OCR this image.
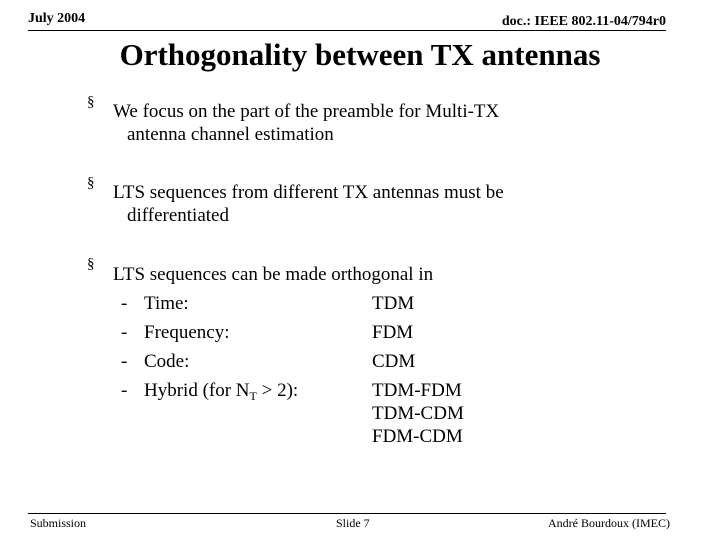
July 2004	doc.: IEEE 802.11-04/794r0
Orthogonality between TX antennas
§ We focus on the part of the preamble for Multi-TX
antenna channel estimation
§ LTS sequences from different TX antennas must be
differentiated
§ LTS sequences can be made orthogonal in
- Time:	TDM
- Frequency:	FDM
- Code:	CDM
- Hybrid (for $N_T > 2$):	TDM-FDM
TDM-CDM
FDM-CDM
Submission	Slide 7	André Bourdoux (IMEC)
